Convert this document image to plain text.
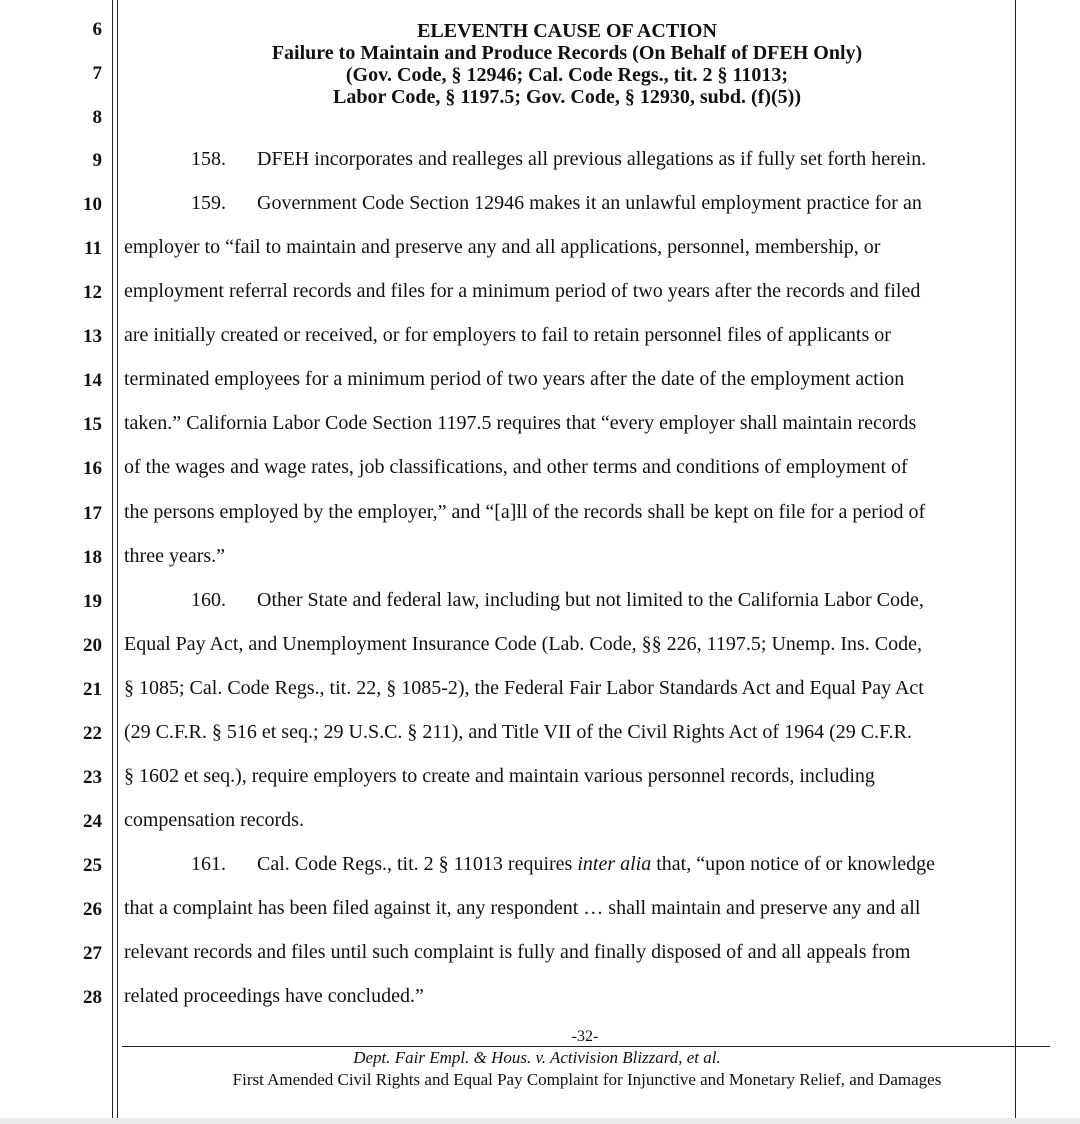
6
7
8
9
10
11
12
13
14
15
16
17
18
19
20
21
22
23
24
25
26
27
28
ELEVENTH CAUSE OF ACTION
Failure to Maintain and Produce Records (On Behalf of DFEH Only)
(Gov. Code, § 12946; Cal. Code Regs., tit. 2 § 11013;
Labor Code, § 1197.5; Gov. Code, § 12930, subd. (f)(5))
158. DFEH incorporates and realleges all previous allegations as if fully set forth herein.
159. Government Code Section 12946 makes it an unlawful employment practice for an
employer to “fail to maintain and preserve any and all applications, personnel, membership, or
employment referral records and files for a minimum period of two years after the records and filed
are initially created or received, or for employers to fail to retain personnel files of applicants or
terminated employees for a minimum period of two years after the date of the employment action
taken.” California Labor Code Section 1197.5 requires that “every employer shall maintain records
of the wages and wage rates, job classifications, and other terms and conditions of employment of
the persons employed by the employer,” and “[a]ll of the records shall be kept on file for a period of
three years.”
160. Other State and federal law, including but not limited to the California Labor Code,
Equal Pay Act, and Unemployment Insurance Code (Lab. Code, §§ 226, 1197.5; Unemp. Ins. Code,
§ 1085; Cal. Code Regs., tit. 22, § 1085-2), the Federal Fair Labor Standards Act and Equal Pay Act
(29 C.F.R. § 516 et seq.; 29 U.S.C. § 211), and Title VII of the Civil Rights Act of 1964 (29 C.F.R.
§ 1602 et seq.), require employers to create and maintain various personnel records, including
compensation records.
161. Cal. Code Regs., tit. 2 § 11013 requires inter alia that, “upon notice of or knowledge
that a complaint has been filed against it, any respondent … shall maintain and preserve any and all
relevant records and files until such complaint is fully and finally disposed of and all appeals from
related proceedings have concluded.”
-32-
Dept. Fair Empl. & Hous. v. Activision Blizzard, et al.
First Amended Civil Rights and Equal Pay Complaint for Injunctive and Monetary Relief, and Damages
